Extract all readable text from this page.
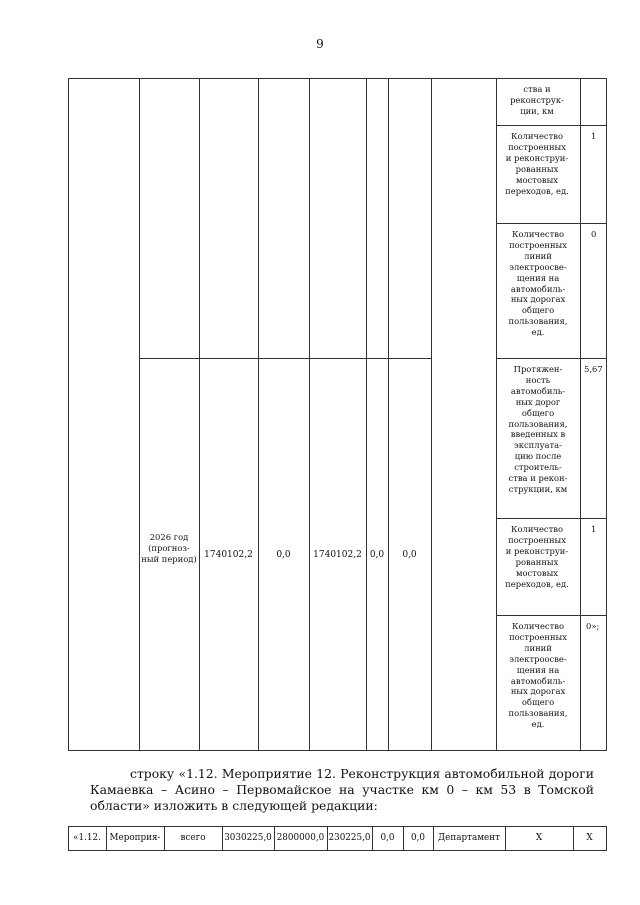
9
2026 год (прогноз-ный период) 1740102,2	0,0	1740102,2 0,0	0,0
ства и реконструк-ции, км
Количество построенных и реконструи-рованных мостовых переходов, ед.
1
Количество построенных линий электроосве-щения на автомобиль-ных дорогах общего пользования, ед.
0
Протяжен-ность автомобиль-ных дорог общего пользования, введенных в эксплуата-цию после строитель-ства и рекон-струкции, км
5,67
Количество построенных и реконструи-рованных мостовых переходов, ед.
1
Количество построенных линий электроосве-щения на автомобиль-ных дорогах общего пользования, ед.
0»;
строку «1.12. Мероприятие 12. Реконструкция автомобильной дороги Камаевка – Асино – Первомайское на участке км 0 – км 53 в Томской области» изложить в следующей редакции:
«1.12. Мероприя-	всего	3030225,0 2800000,0 230225,0	0,0	0,0	Департамент	X	X
